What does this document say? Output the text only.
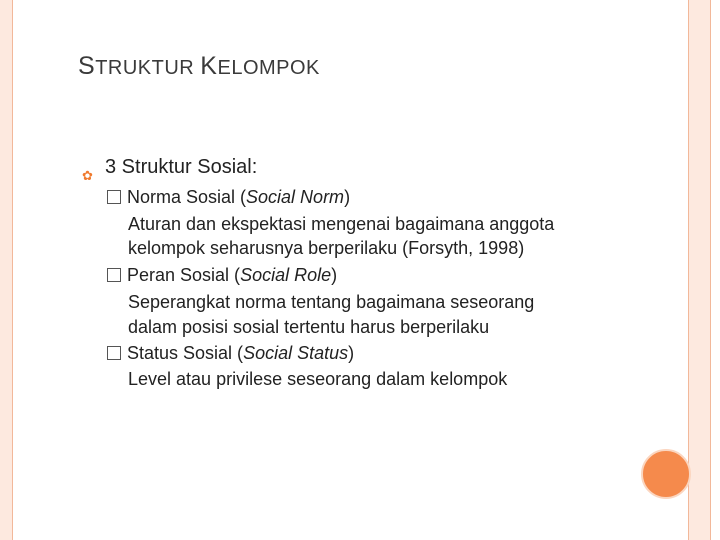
STRUKTUR KELOMPOK
✿ 3 Struktur Sosial:
Norma Sosial (Social Norm)
Aturan dan ekspektasi mengenai bagaimana anggota
kelompok seharusnya berperilaku (Forsyth, 1998)
Peran Sosial (Social Role)
Seperangkat norma tentang bagaimana seseorang
dalam posisi sosial tertentu harus berperilaku
Status Sosial (Social Status)
Level atau privilese seseorang dalam kelompok
